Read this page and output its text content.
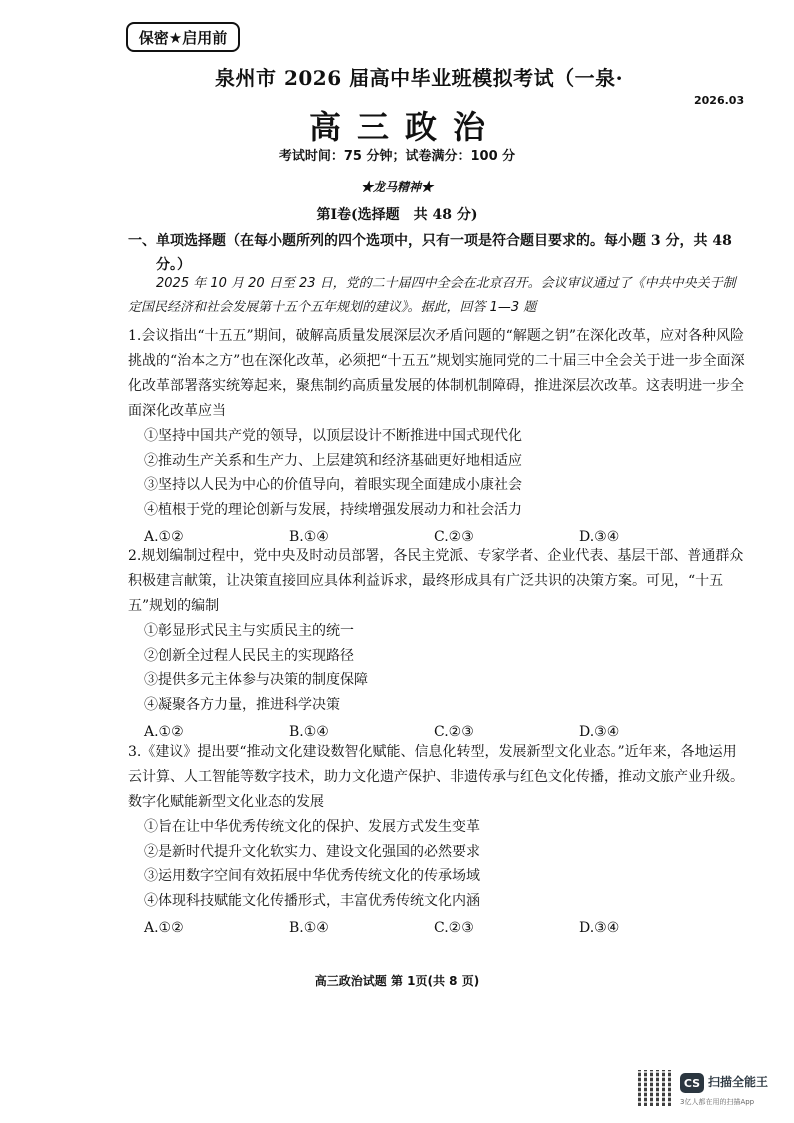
保密★启用前
泉州市 2026 届高中毕业班模拟考试（一泉·
2026.03
高三政治
考试时间：75 分钟；试卷满分：100 分
★龙马精神★
第Ⅰ卷(选择题　共 48 分)
一、单项选择题（在每小题所列的四个选项中，只有一项是符合题目要求的。每小题 3 分，共 48 分。）
2025 年 10 月 20 日至 23 日，党的二十届四中全会在北京召开。会议审议通过了《中共中央关于制定国民经济和社会发展第十五个五年规划的建议》。据此，回答 1—3 题
1.会议指出“十五五”期间，破解高质量发展深层次矛盾问题的“解题之钥”在深化改革，应对各种风险挑战的“治本之方”也在深化改革，必须把“十五五”规划实施同党的二十届三中全会关于进一步全面深化改革部署落实统筹起来，聚焦制约高质量发展的体制机制障碍，推进深层次改革。这表明进一步全面深化改革应当
①坚持中国共产党的领导，以顶层设计不断推进中国式现代化
②推动生产关系和生产力、上层建筑和经济基础更好地相适应
③坚持以人民为中心的价值导向，着眼实现全面建成小康社会
④植根于党的理论创新与发展，持续增强发展动力和社会活力
A.①②	B.①④	C.②③	D.③④
2.规划编制过程中，党中央及时动员部署，各民主党派、专家学者、企业代表、基层干部、普通群众积极建言献策，让决策直接回应具体利益诉求，最终形成具有广泛共识的决策方案。可见，“十五五”规划的编制
①彰显形式民主与实质民主的统一
②创新全过程人民民主的实现路径
③提供多元主体参与决策的制度保障
④凝聚各方力量，推进科学决策
A.①②	B.①④	C.②③	D.③④
3.《建议》提出要“推动文化建设数智化赋能、信息化转型，发展新型文化业态。”近年来，各地运用云计算、人工智能等数字技术，助力文化遗产保护、非遗传承与红色文化传播，推动文旅产业升级。数字化赋能新型文化业态的发展
①旨在让中华优秀传统文化的保护、发展方式发生变革
②是新时代提升文化软实力、建设文化强国的必然要求
③运用数字空间有效拓展中华优秀传统文化的传承场域
④体现科技赋能文化传播形式，丰富优秀传统文化内涵
A.①②	B.①④	C.②③	D.③④
高三政治试题 第 1页(共 8 页)
CS 扫描全能王
3亿人都在用的扫描App
